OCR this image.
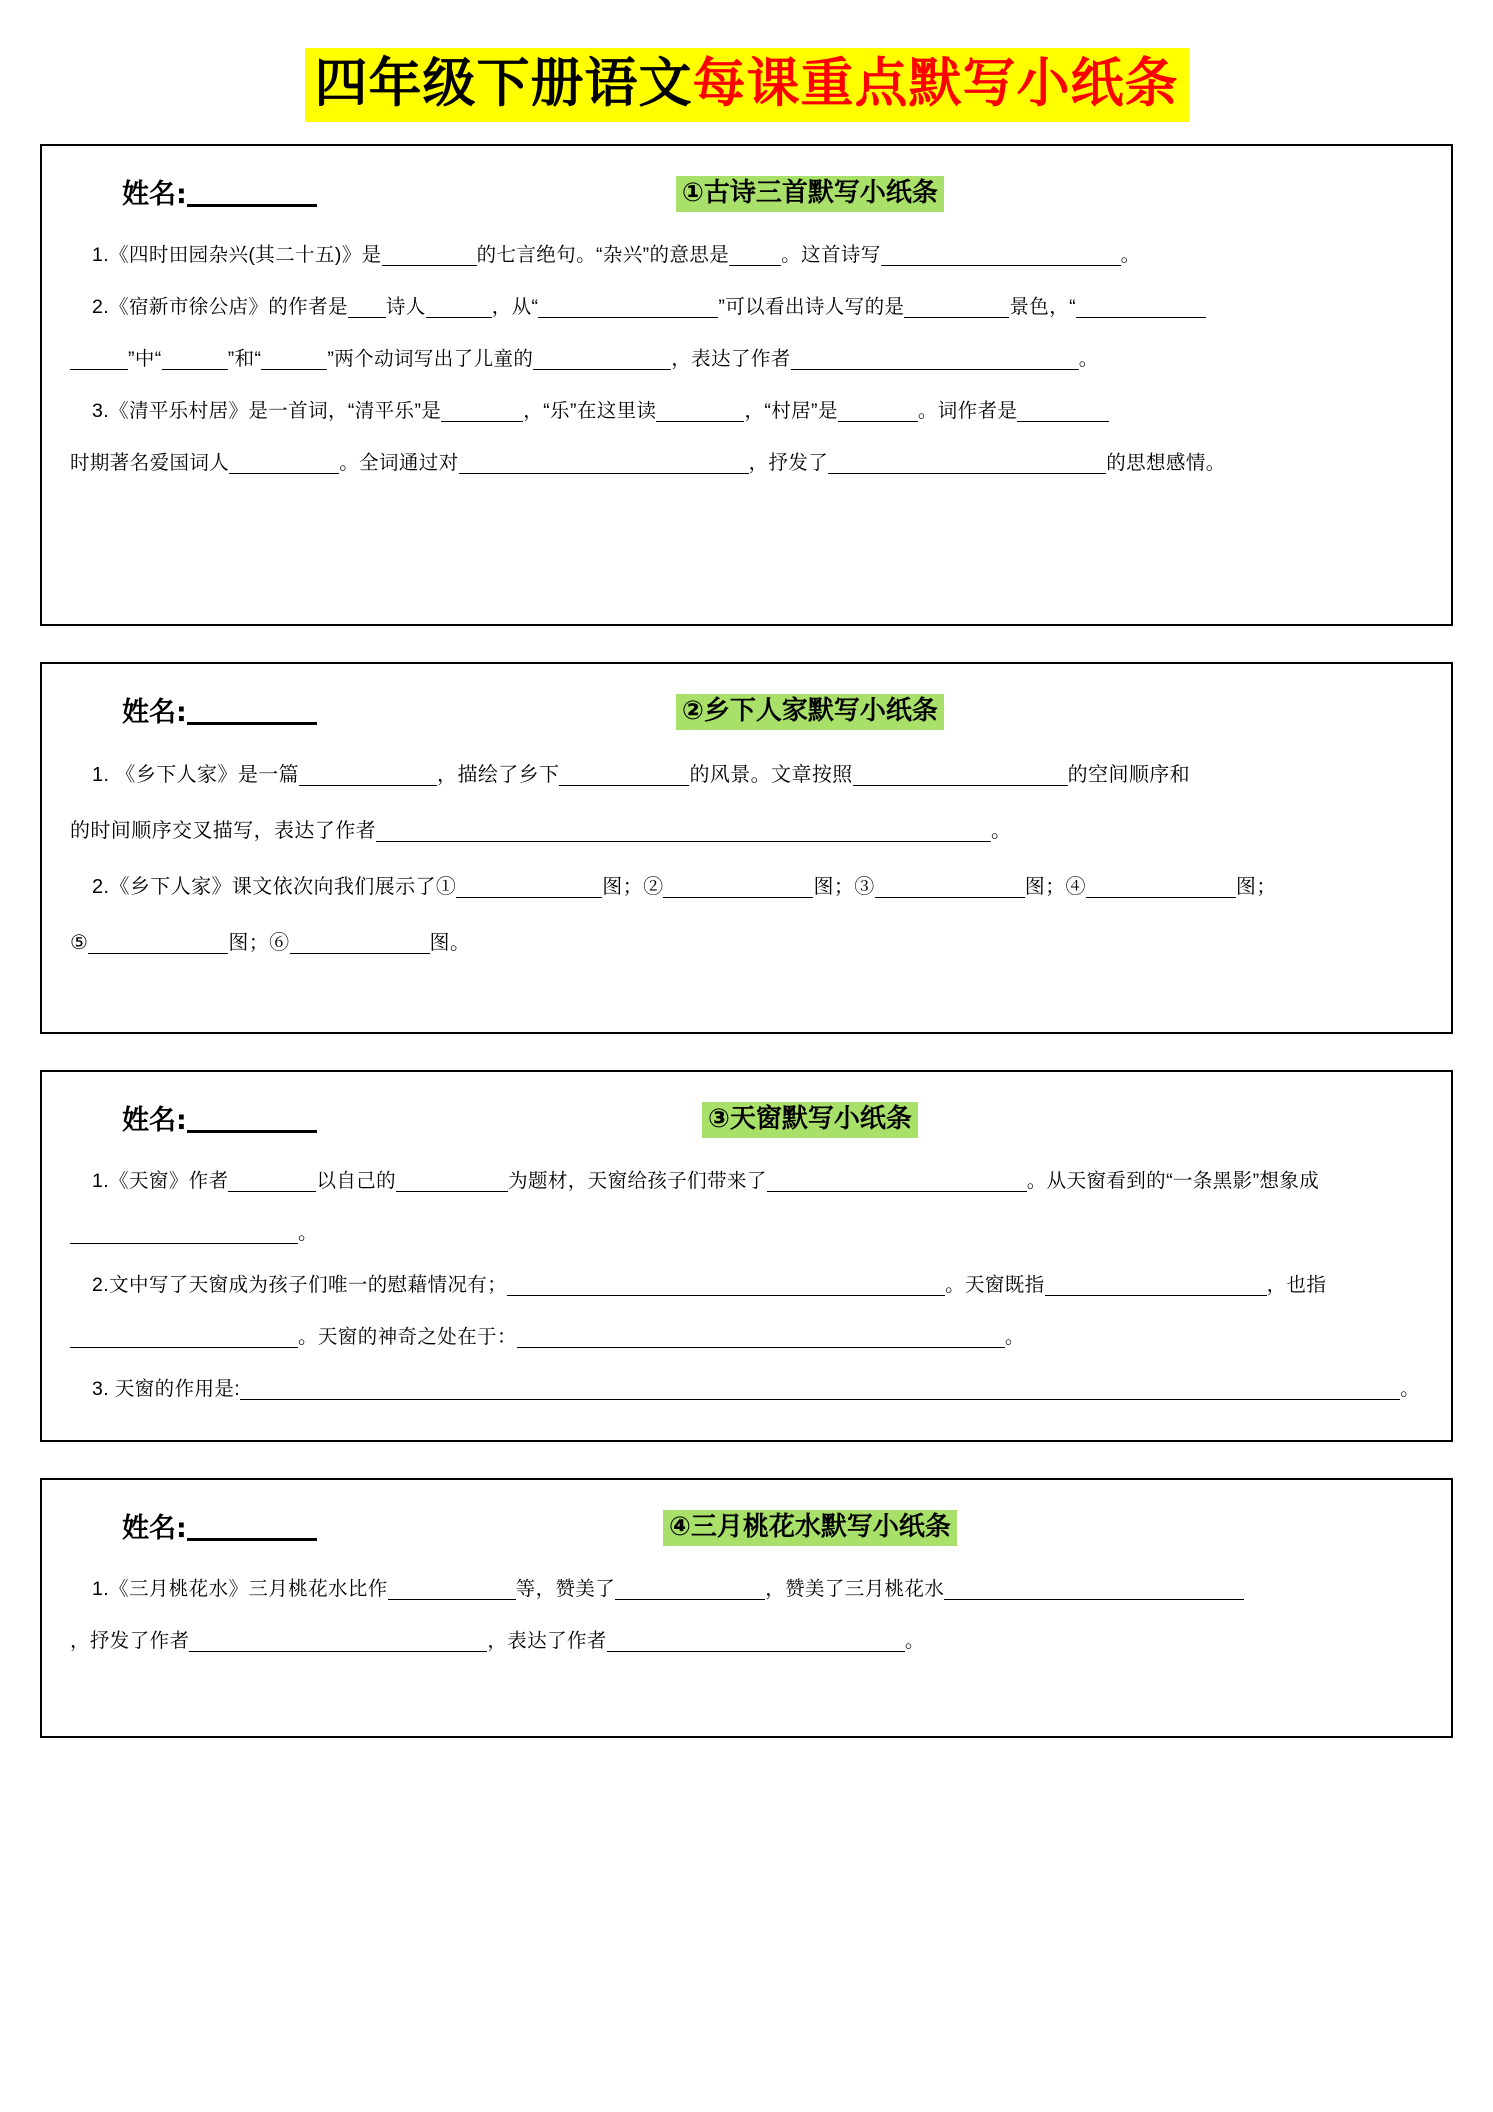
四年级下册语文每课重点默写小纸条
姓名:	①古诗三首默写小纸条
1.《四时田园杂兴(其二十五)》是	的七言绝句。“杂兴”的意思是	。这首诗写	。
2.《宿新市徐公店》的作者是 诗人	，从“	”可以看出诗人写的是	景色，“
”中“	”和“	”两个动词写出了儿童的	，表达了作者	。
3.《清平乐村居》是一首词，“清平乐”是	，“乐”在这里读	，“村居”是	。词作者是
时期著名爱国词人	。全词通过对	，抒发了	的思想感情。
姓名:	②乡下人家默写小纸条
1. 《乡下人家》是一篇	，描绘了乡下	的风景。文章按照	的空间顺序和
的时间顺序交叉描写，表达了作者	。
2.《乡下人家》课文依次向我们展示了①	图；②	图；③	图；④	图；
⑤	图；⑥	图。
姓名:	③天窗默写小纸条
1.《天窗》作者	以自己的	为题材，天窗给孩子们带来了	。从天窗看到的“一条黑影”想象成
。
2.文中写了天窗成为孩子们唯一的慰藉情况有；	。天窗既指	，也指
。天窗的神奇之处在于：	。
3. 天窗的作用是:	。
姓名:	④三月桃花水默写小纸条
1.《三月桃花水》三月桃花水比作	等，赞美了	，赞美了三月桃花水
，抒发了作者	，表达了作者	。
